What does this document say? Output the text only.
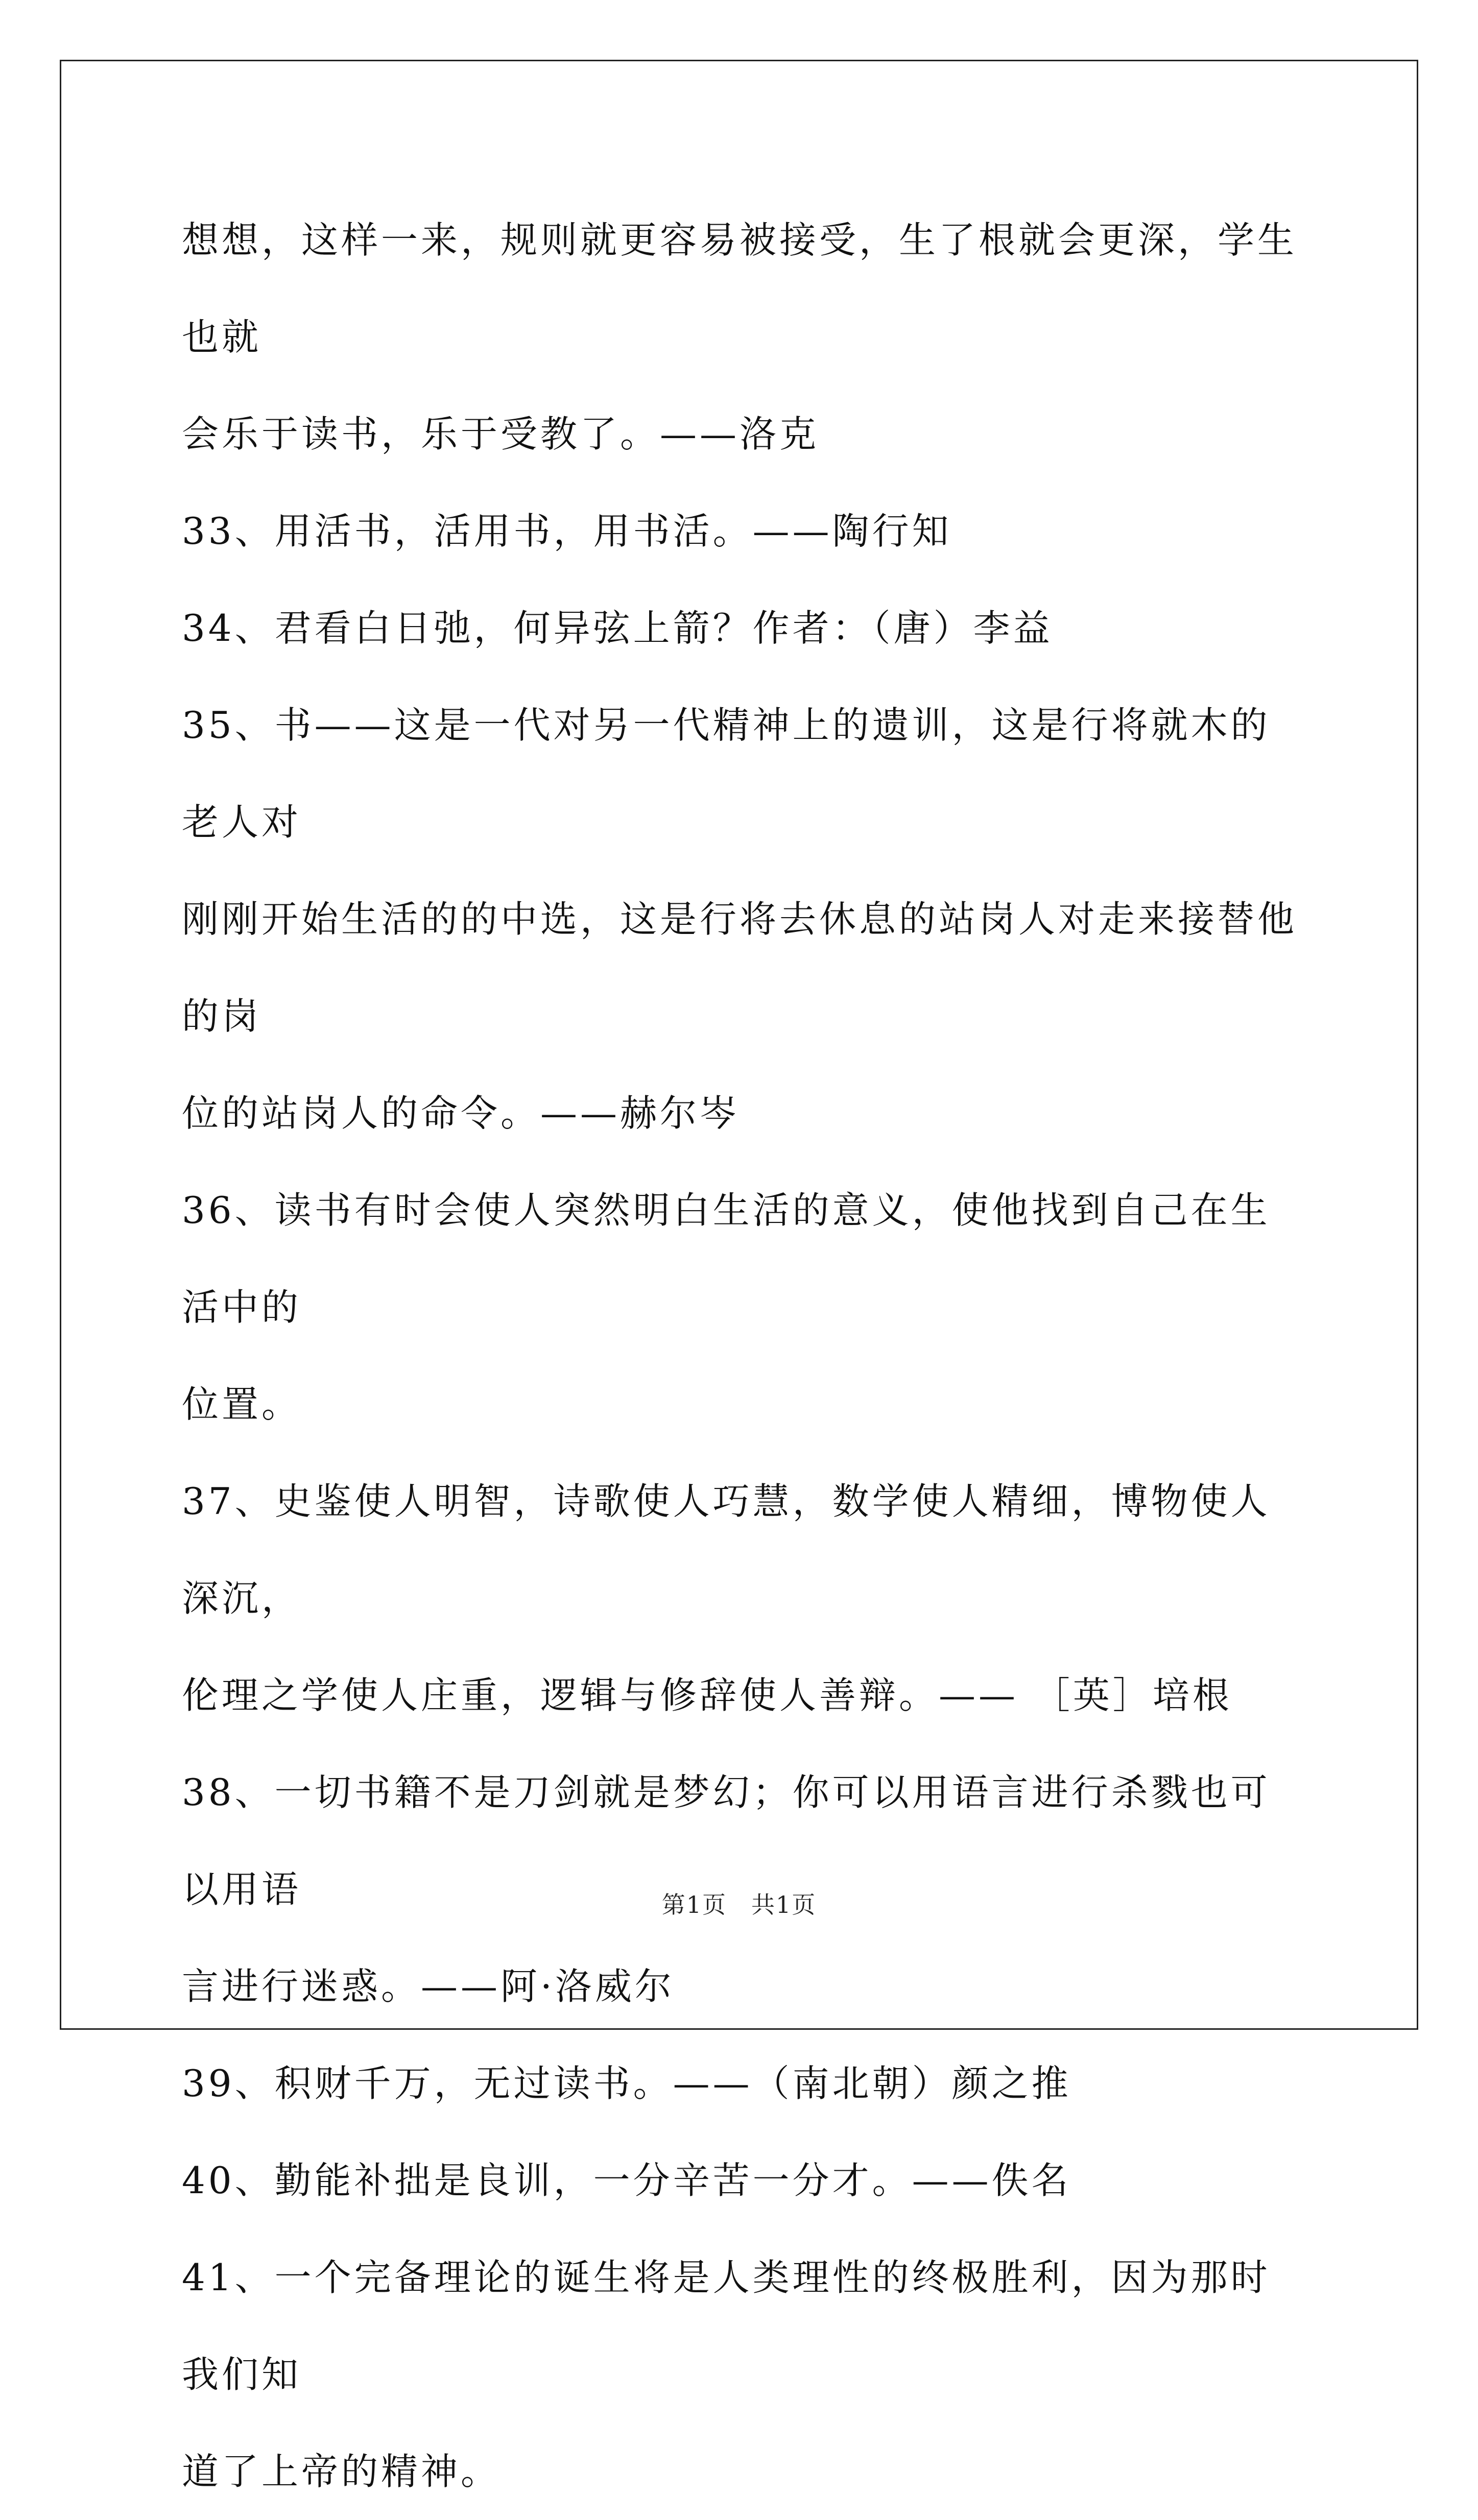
想想，这样一来，规则就更容易被接受，生了根就会更深，学生也就

会乐于读书，乐于受教了。——洛克

33、用活书，活用书，用书活。——陶行知

34、君看白日弛，何异弦上箭？作者：（唐）李益

35、书——这是一代对另一代精神上的遗训，这是行将就木的老人对

刚刚开始生活的的中选，这是行将去休息的站岗人对走来接替他的岗

位的站岗人的命令。——赫尔岑

36、读书有时会使人突然明白生活的意义，使他找到自己在生活中的

位置。

37、史鉴使人明智，诗歌使人巧慧，数学使人精细，博物使人深沉，

伦理之学使人庄重，逻辑与修辞使人善辩。—— ［英］培根

38、一切书籍不是刀剑就是梦幻；你可以用语言进行杀戮也可以用语

言进行迷惑。——阿·洛威尔

39、积财千万，无过读书。——（南北朝）颜之推

40、勤能补拙是良训，一分辛苦一分才。——佚名

41、一个完备理论的诞生将是人类理性的终极胜利，因为那时我们知

道了上帝的精神。

第1页　共1页
